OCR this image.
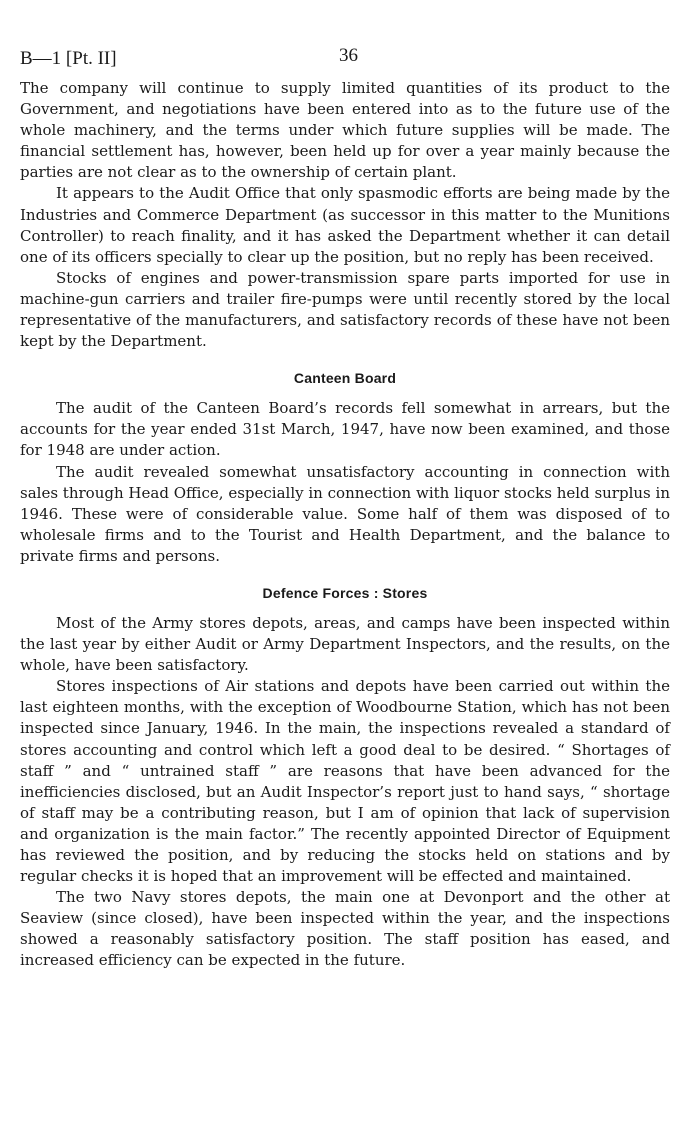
B—1 [Pt. II]	36

The company will continue to supply limited quantities of its product to the Government, and negotiations have been entered into as to the future use of the whole machinery, and the terms under which future supplies will be made. The financial settlement has, however, been held up for over a year mainly because the parties are not clear as to the ownership of certain plant.

It appears to the Audit Office that only spasmodic efforts are being made by the Industries and Commerce Department (as successor in this matter to the Munitions Controller) to reach finality, and it has asked the Department whether it can detail one of its officers specially to clear up the position, but no reply has been received.

Stocks of engines and power-transmission spare parts imported for use in machine-gun carriers and trailer fire-pumps were until recently stored by the local representative of the manufacturers, and satisfactory records of these have not been kept by the Department.

Canteen Board

The audit of the Canteen Board’s records fell somewhat in arrears, but the accounts for the year ended 31st March, 1947, have now been examined, and those for 1948 are under action.

The audit revealed somewhat unsatisfactory accounting in connection with sales through Head Office, especially in connection with liquor stocks held surplus in 1946. These were of considerable value. Some half of them was disposed of to wholesale firms and to the Tourist and Health Department, and the balance to private firms and persons.

Defence Forces : Stores

Most of the Army stores depots, areas, and camps have been inspected within the last year by either Audit or Army Department Inspectors, and the results, on the whole, have been satisfactory.

Stores inspections of Air stations and depots have been carried out within the last eighteen months, with the exception of Woodbourne Station, which has not been inspected since January, 1946. In the main, the inspections revealed a standard of stores accounting and control which left a good deal to be desired. “ Shortages of staff ” and “ untrained staff ” are reasons that have been advanced for the inefficiencies disclosed, but an Audit Inspector’s report just to hand says, “ shortage of staff may be a contributing reason, but I am of opinion that lack of supervision and organization is the main factor.” The recently appointed Director of Equipment has reviewed the position, and by reducing the stocks held on stations and by regular checks it is hoped that an improvement will be effected and maintained.

The two Navy stores depots, the main one at Devonport and the other at Seaview (since closed), have been inspected within the year, and the inspections showed a reasonably satisfactory position. The staff position has eased, and increased efficiency can be expected in the future.
